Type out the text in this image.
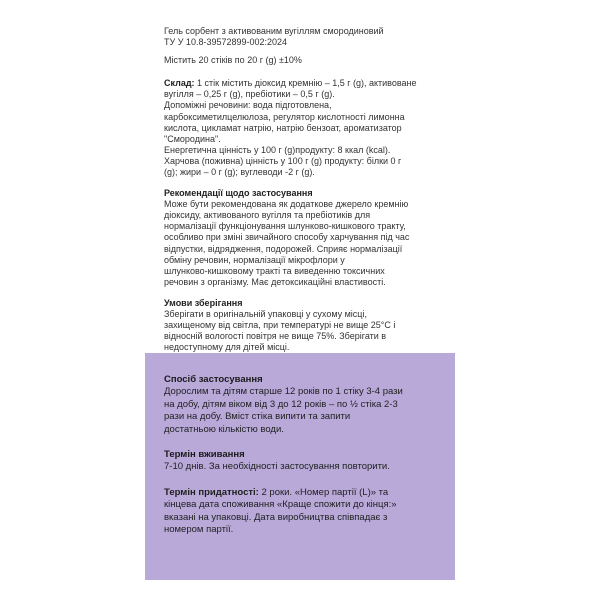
Гель сорбент з активованим вугіллям смородиновий

ТУ У 10.8-39572899-002:2024

Містить 20 стіків по 20 г (g) ±10%

Склад: 1 стік містить діоксид кремнію – 1,5 г (g), активоване

вугілля – 0,25 г (g), пребіотики – 0,5 г (g).

Допоміжні речовини: вода підготовлена,

карбоксиметилцелюлоза, регулятор кислотності лимонна

кислота, цикламат натрію, натрію бензоат, ароматизатор

"Смородина".

Енергетична цінність у 100 г (g)продукту: 8 ккал (kcal).

Харчова (поживна) цінність у 100 г (g) продукту: білки 0 г

(g); жири – 0 г (g); вуглеводи -2 г (g).

Рекомендації щодо застосування

Може бути рекомендована як додаткове джерело кремнію

діоксиду, активованого вугілля та пребіотиків для

нормалізації функціонування шлунково-кишкового тракту,

особливо при зміні звичайного способу харчування під час

відпустки, відрядження, подорожей. Сприяє нормалізації

обміну речовин, нормалізації мікрофлори у

шлунково-кишковому тракті та виведенню токсичних

речовин з організму. Має детоксикаційні властивості.

Умови зберігання

Зберігати в оригінальній упаковці у сухому місці,

захищеному від світла, при температурі не вище 25°С і

відносній вологості повітря не вище 75%. Зберігати в

недоступному для дітей місці.

Спосіб застосування

Дорослим та дітям старше 12 років по 1 стіку 3-4 рази

на добу, дітям віком від 3 до 12 років – по ½ стіка 2-3

рази на добу. Вміст стіка випити та запити

достатньою кількістю води.

Термін вживання

7-10 днів. За необхідності застосування повторити.

Термін придатності: 2 роки. «Номер партії (L)» та

кінцева дата споживання «Краще спожити до кінця:»

вказані на упаковці. Дата виробництва співпадає з

номером партії.
